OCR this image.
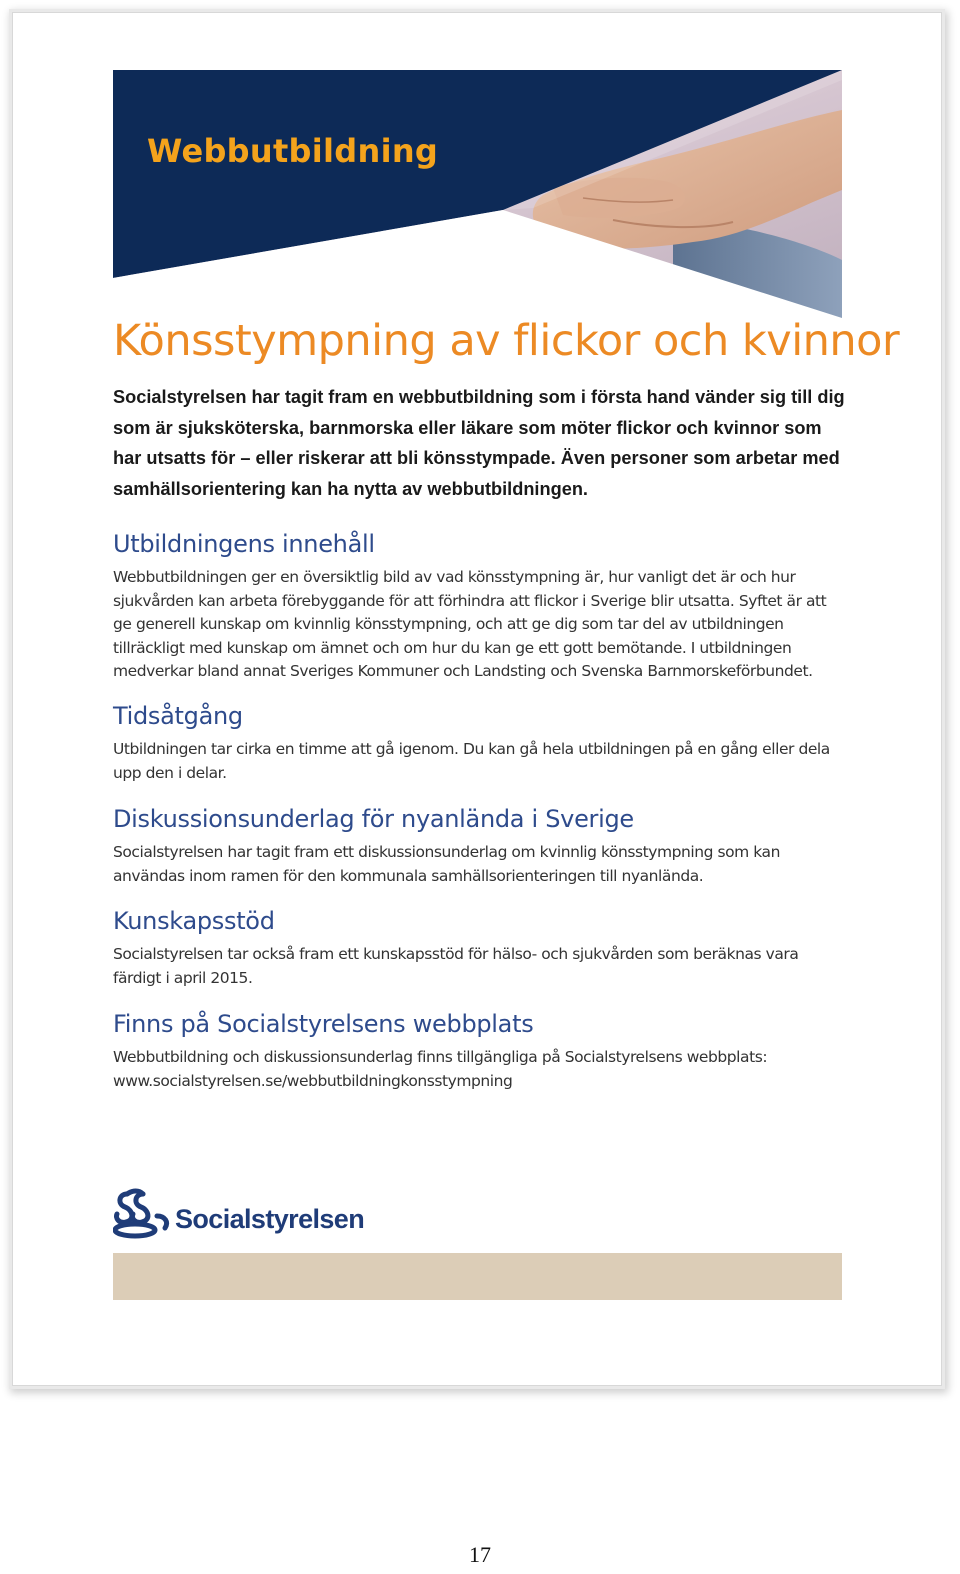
Webbutbildning
Könsstympning av flickor och kvinnor

Socialstyrelsen har tagit fram en webbutbildning som i första hand vänder sig till dig som är sjuksköterska, barnmorska eller läkare som möter flickor och kvinnor som har utsatts för – eller riskerar att bli könsstympade. Även personer som arbetar med samhällsorientering kan ha nytta av webbutbildningen.

Utbildningens innehåll

Webbutbildningen ger en översiktlig bild av vad könsstympning är, hur vanligt det är och hur sjukvården kan arbeta förebyggande för att förhindra att flickor i Sverige blir utsatta. Syftet är att ge generell kunskap om kvinnlig könsstympning, och att ge dig som tar del av utbildningen tillräckligt med kunskap om ämnet och om hur du kan ge ett gott bemötande. I utbildningen medverkar bland annat Sveriges Kommuner och Landsting och Svenska Barnmorskeförbundet.

Tidsåtgång

Utbildningen tar cirka en timme att gå igenom. Du kan gå hela utbildningen på en gång eller dela upp den i delar.

Diskussionsunderlag för nyanlända i Sverige

Socialstyrelsen har tagit fram ett diskussionsunderlag om kvinnlig könsstympning som kan användas inom ramen för den kommunala samhällsorienteringen till nyanlända.

Kunskapsstöd

Socialstyrelsen tar också fram ett kunskapsstöd för hälso- och sjukvården som beräknas vara färdigt i april 2015.

Finns på Socialstyrelsens webbplats

Webbutbildning och diskussionsunderlag finns tillgängliga på Socialstyrelsens webbplats: www.socialstyrelsen.se/webbutbildningkonsstympning

Socialstyrelsen

17
